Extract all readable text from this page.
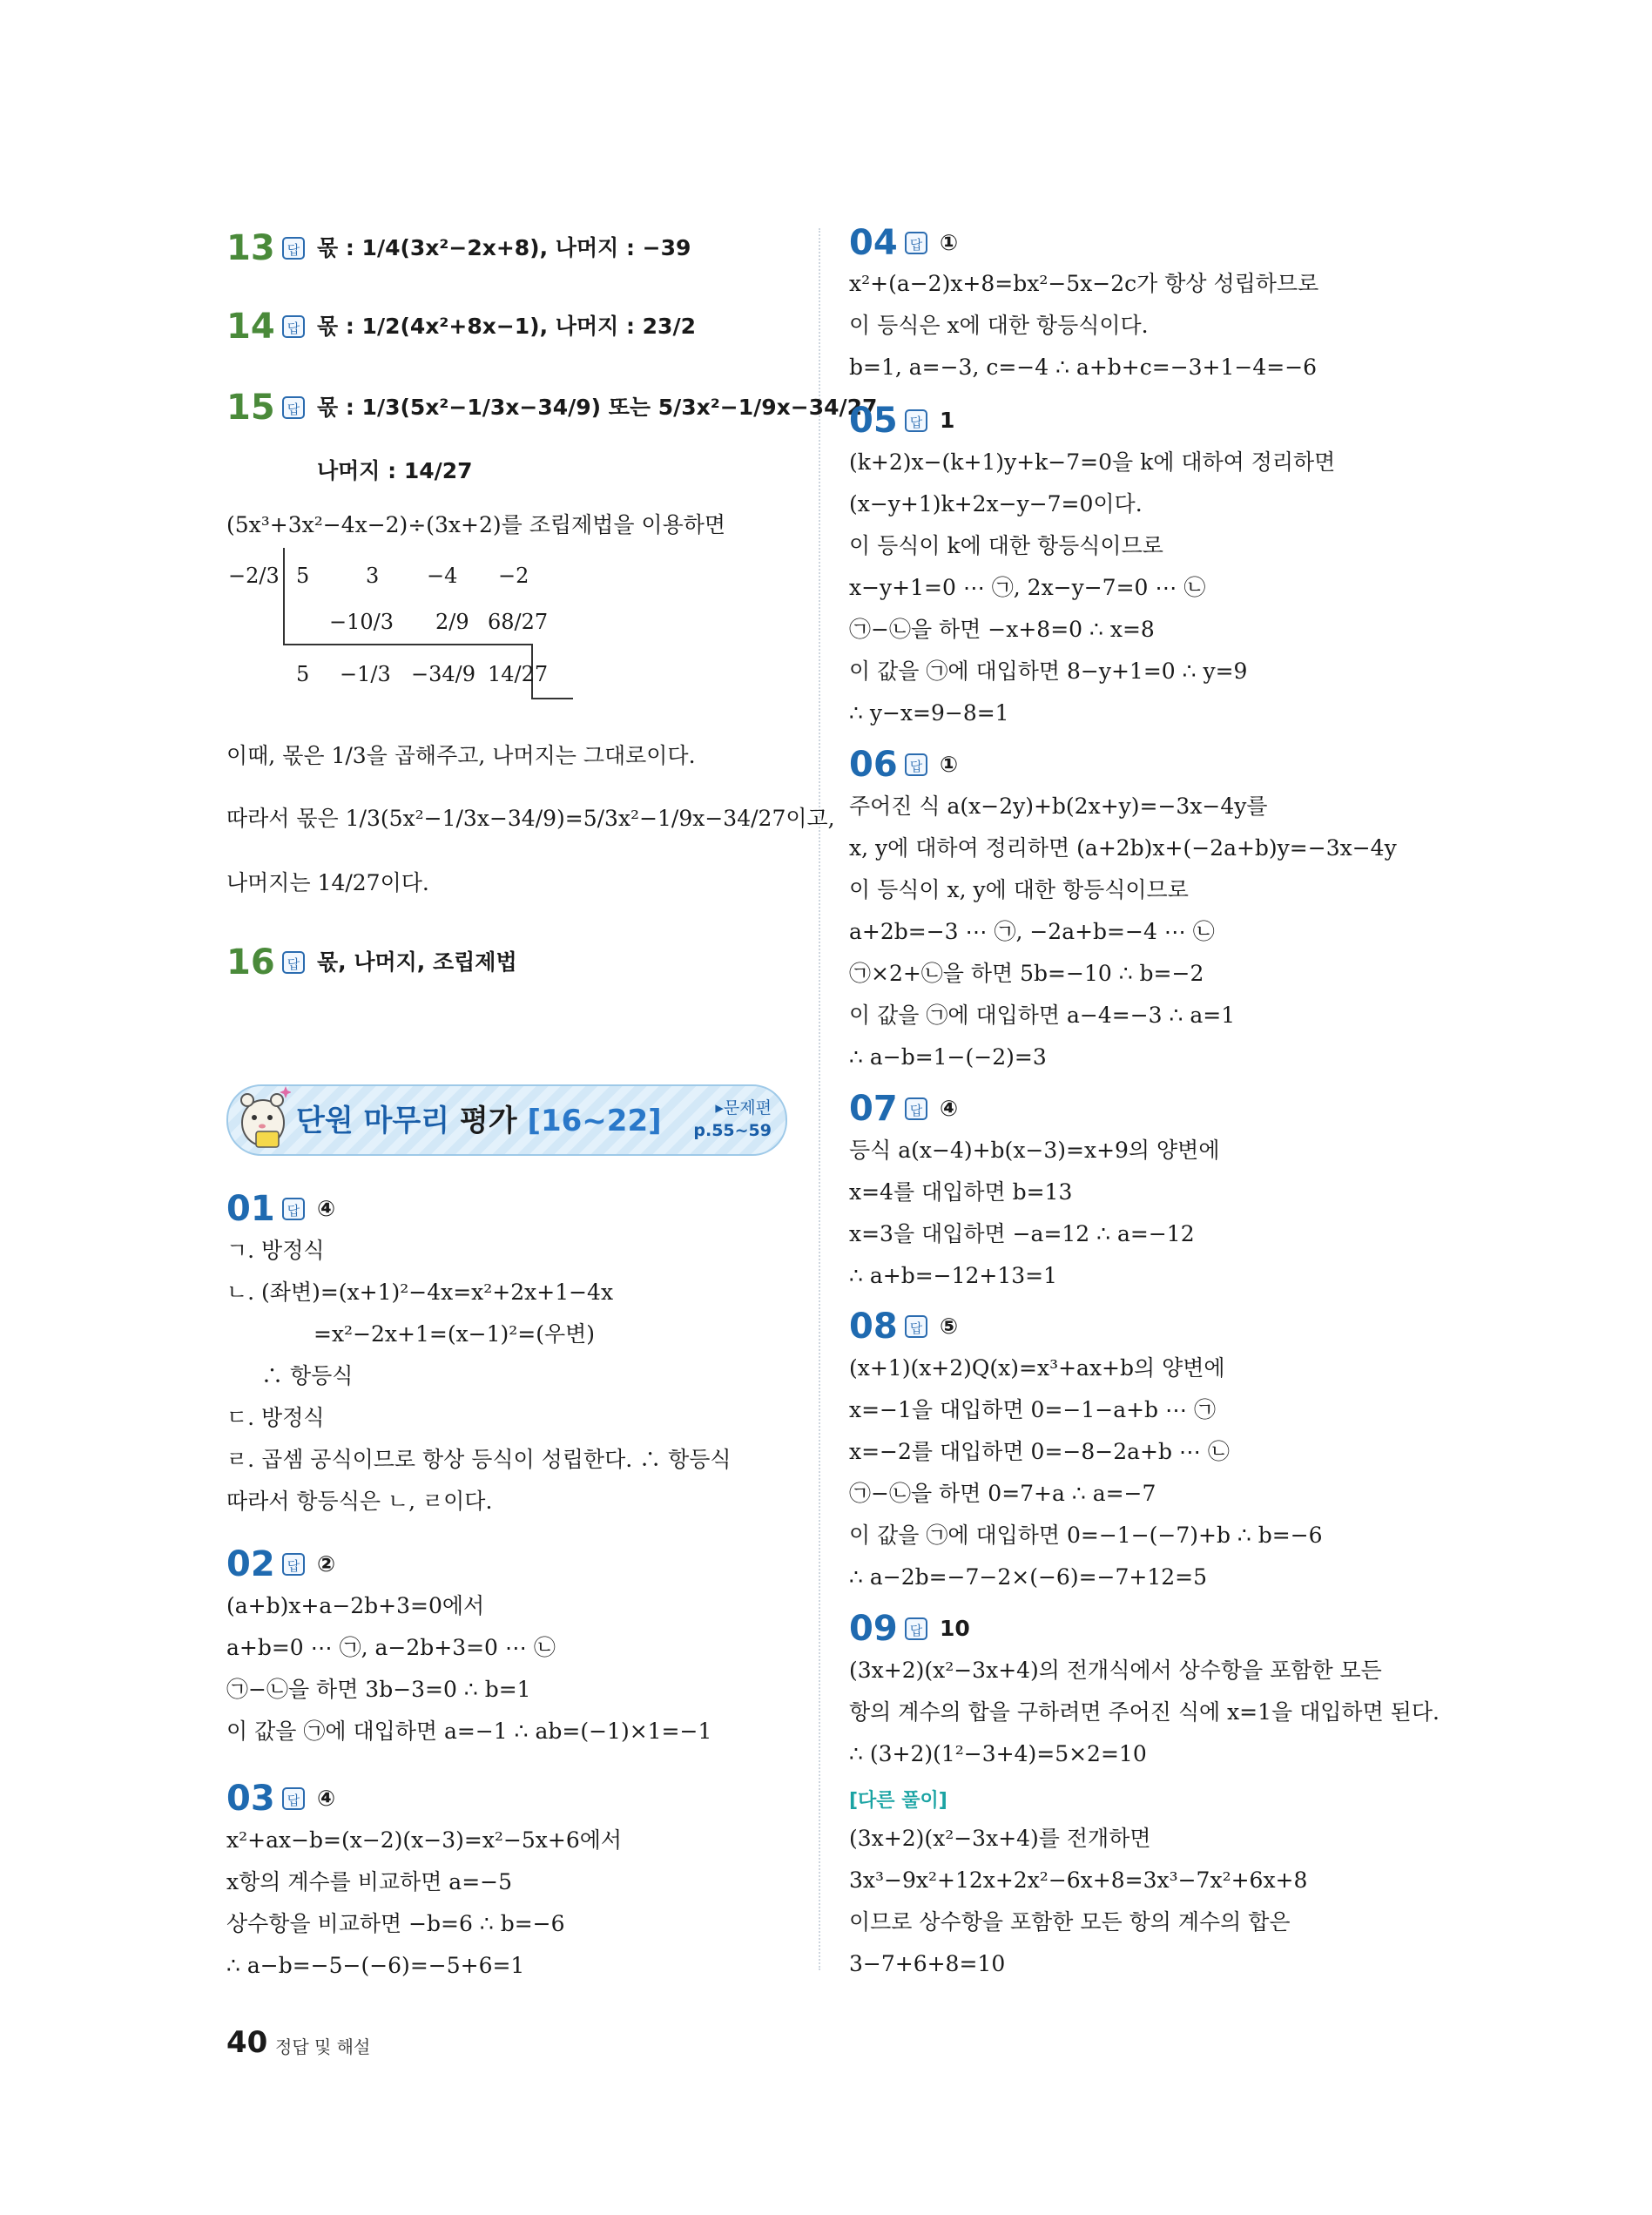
13 답 몫 : 1/4(3x²−2x+8), 나머지 : −39
14 답 몫 : 1/2(4x²+8x−1), 나머지 : 23/2
15 답 몫 : 1/3(5x²−1/3x−34/9) 또는 5/3x²−1/9x−34/27
나머지 : 14/27
(5x³+3x²−4x−2)÷(3x+2)를 조립제법을 이용하면
−2/3 5	3 −4 −2
−10/3 2/9 68/27
5 −1/3 −34/9 14/27
이때, 몫은 1/3을 곱해주고, 나머지는 그대로이다.
따라서 몫은 1/3(5x²−1/3x−34/9)=5/3x²−1/9x−34/27이고,
나머지는 14/27이다.
16 답 몫, 나머지, 조립제법
단원 마무리 평가 [16~22]	▸문제편
p.55~59
01 답 ④
ㄱ. 방정식
ㄴ. (좌변)=(x+1)²−4x=x²+2x+1−4x
=x²−2x+1=(x−1)²=(우변)
∴ 항등식
ㄷ. 방정식
ㄹ. 곱셈 공식이므로 항상 등식이 성립한다. ∴ 항등식
따라서 항등식은 ㄴ, ㄹ이다.
02 답 ②
(a+b)x+a−2b+3=0에서
a+b=0 ⋯ ㉠, a−2b+3=0 ⋯ ㉡
㉠−㉡을 하면 3b−3=0 ∴ b=1
이 값을 ㉠에 대입하면 a=−1 ∴ ab=(−1)×1=−1
03 답 ④
x²+ax−b=(x−2)(x−3)=x²−5x+6에서
x항의 계수를 비교하면 a=−5
상수항을 비교하면 −b=6 ∴ b=−6
∴ a−b=−5−(−6)=−5+6=1
04 답 ①
x²+(a−2)x+8=bx²−5x−2c가 항상 성립하므로
이 등식은 x에 대한 항등식이다.
b=1, a=−3, c=−4 ∴ a+b+c=−3+1−4=−6
05 답 1
(k+2)x−(k+1)y+k−7=0을 k에 대하여 정리하면
(x−y+1)k+2x−y−7=0이다.
이 등식이 k에 대한 항등식이므로
x−y+1=0 ⋯ ㉠, 2x−y−7=0 ⋯ ㉡
㉠−㉡을 하면 −x+8=0 ∴ x=8
이 값을 ㉠에 대입하면 8−y+1=0 ∴ y=9
∴ y−x=9−8=1
06 답 ①
주어진 식 a(x−2y)+b(2x+y)=−3x−4y를
x, y에 대하여 정리하면 (a+2b)x+(−2a+b)y=−3x−4y
이 등식이 x, y에 대한 항등식이므로
a+2b=−3 ⋯ ㉠, −2a+b=−4 ⋯ ㉡
㉠×2+㉡을 하면 5b=−10 ∴ b=−2
이 값을 ㉠에 대입하면 a−4=−3 ∴ a=1
∴ a−b=1−(−2)=3
07 답 ④
등식 a(x−4)+b(x−3)=x+9의 양변에
x=4를 대입하면 b=13
x=3을 대입하면 −a=12 ∴ a=−12
∴ a+b=−12+13=1
08 답 ⑤
(x+1)(x+2)Q(x)=x³+ax+b의 양변에
x=−1을 대입하면 0=−1−a+b ⋯ ㉠
x=−2를 대입하면 0=−8−2a+b ⋯ ㉡
㉠−㉡을 하면 0=7+a ∴ a=−7
이 값을 ㉠에 대입하면 0=−1−(−7)+b ∴ b=−6
∴ a−2b=−7−2×(−6)=−7+12=5
09 답 10
(3x+2)(x²−3x+4)의 전개식에서 상수항을 포함한 모든
항의 계수의 합을 구하려면 주어진 식에 x=1을 대입하면 된다.
∴ (3+2)(1²−3+4)=5×2=10
[다른 풀이]
(3x+2)(x²−3x+4)를 전개하면
3x³−9x²+12x+2x²−6x+8=3x³−7x²+6x+8
이므로 상수항을 포함한 모든 항의 계수의 합은
3−7+6+8=10
40 정답 및 해설
